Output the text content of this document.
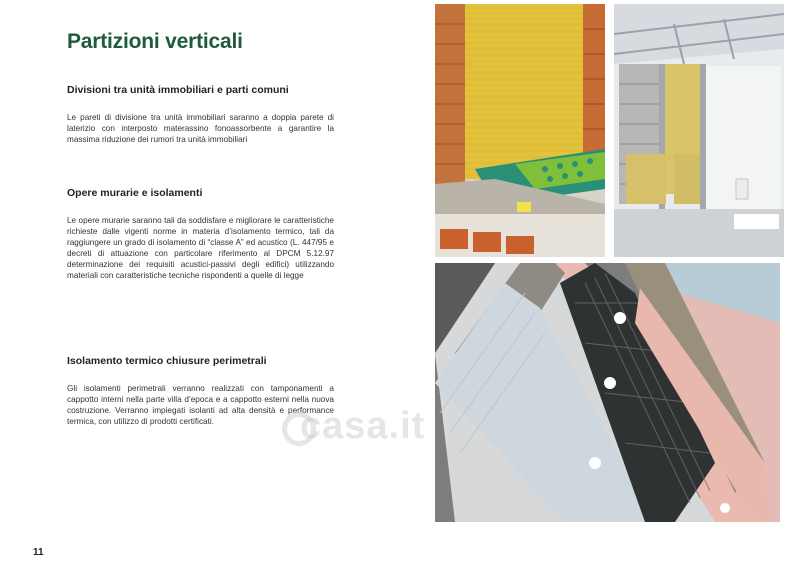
Partizioni verticali
Divisioni tra unità immobiliari e parti comuni

Le pareti di divisione tra unità immobiliari saranno a doppia parete di laterizio con interposto materassino fonoassorbente a garantire la massima riduzione dei rumori tra unità immobiliari

Opere murarie e isolamenti

Le opere murarie saranno tali da soddisfare e migliorare le caratteristiche richieste dalle vigenti norme in materia d’isolamento termico, tali da raggiungere un grado di isolamento di “classe A” ed acustico (L. 447/95 e decreti di attuazione con particolare riferimento al DPCM 5.12.97 determinazione dei requisiti acustici-passivi degli edifici) utilizzando materiali con caratteristiche tecniche rispondenti a quelle di legge

Isolamento termico chiusure perimetrali

Gli isolamenti perimetrali verranno realizzati con tamponamenti a cappotto interni nella parte villa d’epoca e a cappotto esterni nella nuova costruzione. Verranno impiegati isolanti ad alta densità e performance termica, con utilizzo di prodotti certificati.

11
casa.it
